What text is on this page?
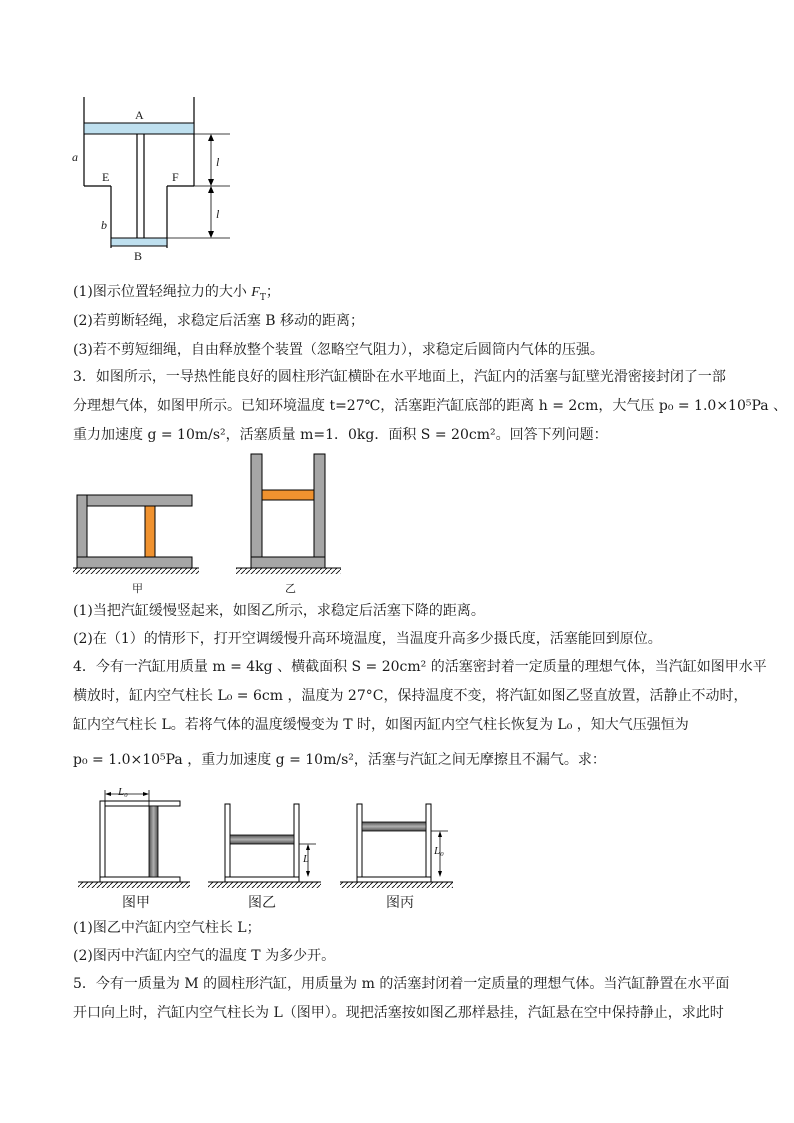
A
a
E	F
l
l
b
B
(1)图示位置轻绳拉力的大小 $F_T$；
(2)若剪断轻绳，求稳定后活塞 B 移动的距离；
(3)若不剪短细绳，自由释放整个装置（忽略空气阻力），求稳定后圆筒内气体的压强。
3．如图所示，一导热性能良好的圆柱形汽缸横卧在水平地面上，汽缸内的活塞与缸壁光滑密接封闭了一部
分理想气体，如图甲所示。已知环境温度 t=27℃，活塞距汽缸底部的距离 h = 2cm，大气压 p₀ = 1.0×10⁵Pa 、
重力加速度 g = 10m/s²，活塞质量 m=1．0kg．面积 S = 20cm²。回答下列问题：
甲	乙
(1)当把汽缸缓慢竖起来，如图乙所示，求稳定后活塞下降的距离。
(2)在（1）的情形下，打开空调缓慢升高环境温度，当温度升高多少摄氏度，活塞能回到原位。
4．今有一汽缸用质量 m = 4kg 、横截面积 S = 20cm² 的活塞密封着一定质量的理想气体，当汽缸如图甲水平
横放时，缸内空气柱长 L₀ = 6cm ，温度为 27°C，保持温度不变，将汽缸如图乙竖直放置，活静止不动时，
缸内空气柱长 L。若将气体的温度缓慢变为 T 时，如图丙缸内空气柱长恢复为 L₀ ，知大气压强恒为
p₀ = 1.0×10⁵Pa ，重力加速度 g = 10m/s²，活塞与汽缸之间无摩擦且不漏气。求：
L₀
L
L₀
图甲	图乙	图丙
(1)图乙中汽缸内空气柱长 L；
(2)图丙中汽缸内空气的温度 T 为多少开。
5．今有一质量为 M 的圆柱形汽缸，用质量为 m 的活塞封闭着一定质量的理想气体。当汽缸静置在水平面
开口向上时，汽缸内空气柱长为 L（图甲）。现把活塞按如图乙那样悬挂，汽缸悬在空中保持静止，求此时
